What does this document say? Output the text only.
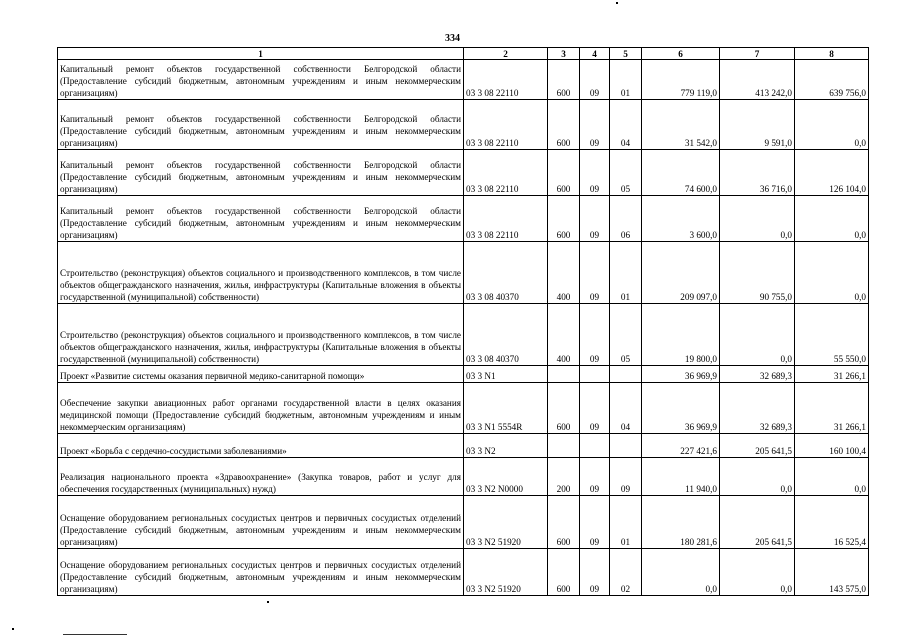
334
1	2	3	4	5	6	7	8
Капитальный ремонт объектов государственной собственности Белгородской области (Предоставление субсидий бюджетным, автономным учреждениям и иным некоммерческим организациям)	03 3 08 22110	600	09	01	779 119,0	413 242,0	639 756,0
Капитальный ремонт объектов государственной собственности Белгородской области (Предоставление субсидий бюджетным, автономным учреждениям и иным некоммерческим организациям)	03 3 08 22110	600	09	04	31 542,0	9 591,0	0,0
Капитальный ремонт объектов государственной собственности Белгородской области (Предоставление субсидий бюджетным, автономным учреждениям и иным некоммерческим организациям)	03 3 08 22110	600	09	05	74 600,0	36 716,0	126 104,0
Капитальный ремонт объектов государственной собственности Белгородской области (Предоставление субсидий бюджетным, автономным учреждениям и иным некоммерческим организациям)	03 3 08 22110	600	09	06	3 600,0	0,0	0,0
Строительство (реконструкция) объектов социального и производственного комплексов, в том числе объектов общегражданского назначения, жилья, инфраструктуры (Капитальные вложения в объекты государственной (муниципальной) собственности)	03 3 08 40370	400	09	01	209 097,0	90 755,0	0,0
Строительство (реконструкция) объектов социального и производственного комплексов, в том числе объектов общегражданского назначения, жилья, инфраструктуры (Капитальные вложения в объекты государственной (муниципальной) собственности)	03 3 08 40370	400	09	05	19 800,0	0,0	55 550,0
Проект «Развитие системы оказания первичной медико-санитарной помощи»	03 3 N1				36 969,9	32 689,3	31 266,1
Обеспечение закупки авиационных работ органами государственной власти в целях оказания медицинской помощи (Предоставление субсидий бюджетным, автономным учреждениям и иным некоммерческим организациям)	03 3 N1 5554R	600	09	04	36 969,9	32 689,3	31 266,1
Проект «Борьба с сердечно-сосудистыми заболеваниями»	03 3 N2				227 421,6	205 641,5	160 100,4
Реализация национального проекта «Здравоохранение» (Закупка товаров, работ и услуг для обеспечения государственных (муниципальных) нужд)	03 3 N2 N0000	200	09	09	11 940,0	0,0	0,0
Оснащение оборудованием региональных сосудистых центров и первичных сосудистых отделений (Предоставление субсидий бюджетным, автономным учреждениям и иным некоммерческим организациям)	03 3 N2 51920	600	09	01	180 281,6	205 641,5	16 525,4
Оснащение оборудованием региональных сосудистых центров и первичных сосудистых отделений (Предоставление субсидий бюджетным, автономным учреждениям и иным некоммерческим организациям)	03 3 N2 51920	600	09	02	0,0	0,0	143 575,0
